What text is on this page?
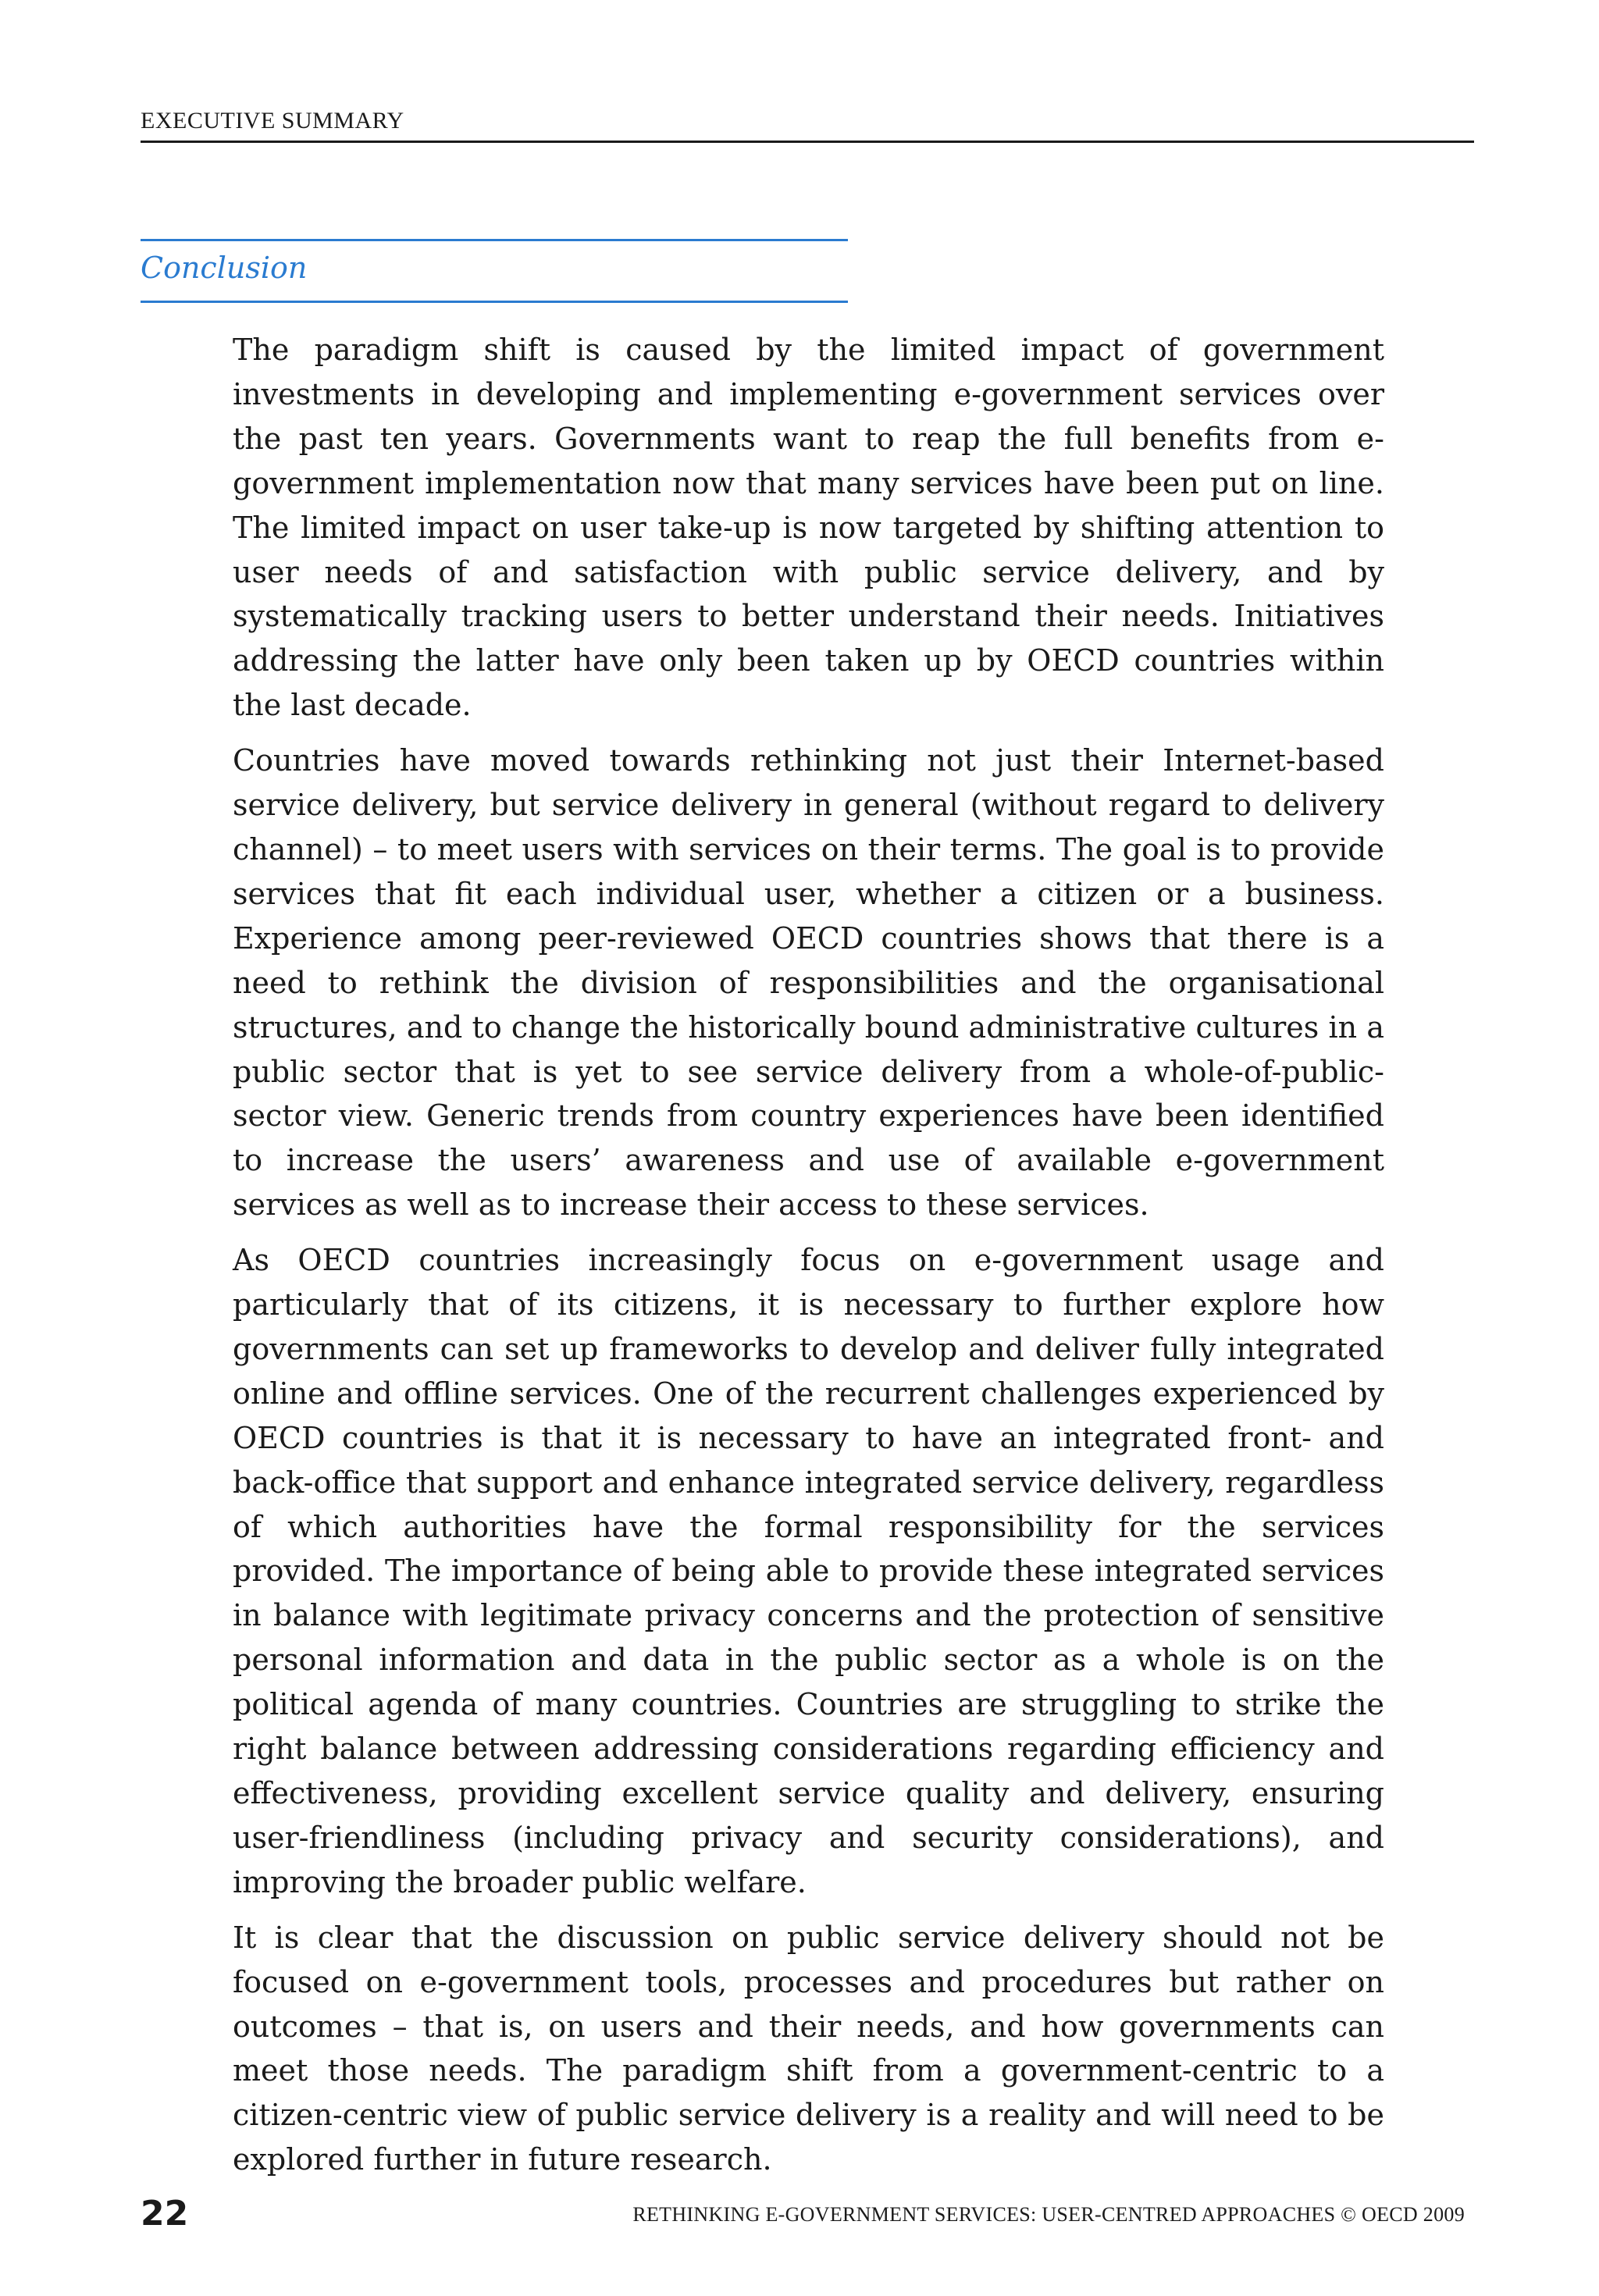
EXECUTIVE SUMMARY
Conclusion

The paradigm shift is caused by the limited impact of government investments in developing and implementing e-government services over the past ten years. Governments want to reap the full benefits from e-government implementation now that many services have been put on line. The limited impact on user take-up is now targeted by shifting attention to user needs of and satisfaction with public service delivery, and by systematically tracking users to better understand their needs. Initiatives addressing the latter have only been taken up by OECD countries within the last decade.

Countries have moved towards rethinking not just their Internet-based service delivery, but service delivery in general (without regard to delivery channel) – to meet users with services on their terms. The goal is to provide services that fit each individual user, whether a citizen or a business. Experience among peer-reviewed OECD countries shows that there is a need to rethink the division of responsibilities and the organisational structures, and to change the historically bound administrative cultures in a public sector that is yet to see service delivery from a whole-of-public-sector view. Generic trends from country experiences have been identified to increase the users’ awareness and use of available e-government services as well as to increase their access to these services.

As OECD countries increasingly focus on e-government usage and particularly that of its citizens, it is necessary to further explore how governments can set up frameworks to develop and deliver fully integrated online and offline services. One of the recurrent challenges experienced by OECD countries is that it is necessary to have an integrated front- and back-office that support and enhance integrated service delivery, regardless of which authorities have the formal responsibility for the services provided. The importance of being able to provide these integrated services in balance with legitimate privacy concerns and the protection of sensitive personal information and data in the public sector as a whole is on the political agenda of many countries. Countries are struggling to strike the right balance between addressing considerations regarding efficiency and effectiveness, providing excellent service quality and delivery, ensuring user-friendliness (including privacy and security considerations), and improving the broader public welfare.

It is clear that the discussion on public service delivery should not be focused on e-government tools, processes and procedures but rather on outcomes – that is, on users and their needs, and how governments can meet those needs. The paradigm shift from a government-centric to a citizen-centric view of public service delivery is a reality and will need to be explored further in future research.

22	RETHINKING E-GOVERNMENT SERVICES: USER-CENTRED APPROACHES © OECD 2009
